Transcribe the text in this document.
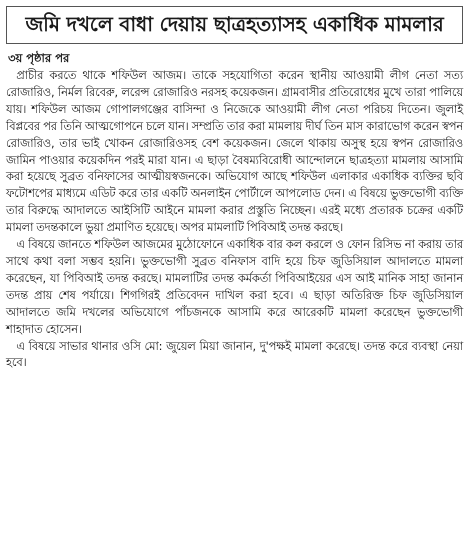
জমি দখলে বাধা দেয়ায় ছাত্রহত্যাসহ একাধিক মামলার
৩য় পৃষ্ঠার পর

প্রাচীর করতে থাকে শফিউল আজম। তাকে সহযোগিতা করেন স্থানীয় আওয়ামী লীগ নেতা সত্য রোজারিও, নির্মল রিবেরু, লরেন্স রোজারিও নরসহ কয়েকজন। গ্রামবাসীর প্রতিরোধের মুখে তারা পালিয়ে যায়। শফিউল আজম গোপালগঞ্জের বাসিন্দা ও নিজেকে আওয়ামী লীগ নেতা পরিচয় দিতেন। জুলাই বিপ্লবের পর তিনি আত্মগোপনে চলে যান। সম্প্রতি তার করা মামলায় দীর্ঘ তিন মাস কারাভোগ করেন স্বপন রোজারিও, তার ভাই খোকন রোজারিওসহ বেশ কয়েকজন। জেলে থাকায় অসুস্থ হয়ে স্বপন রোজারিও জামিন পাওয়ার কয়েকদিন পরই মারা যান। এ ছাড়া বৈষম্যবিরোধী আন্দোলনে ছাত্রহত্যা মামলায় আসামি করা হয়েছে সুব্রত বনিফাসের আত্মীয়স্বজনকে। অভিযোগ আছে শফিউল এলাকার একাধিক ব্যক্তির ছবি ফটোশপের মাধ্যমে এডিট করে তার একটি অনলাইন পোর্টালে আপলোড দেন। এ বিষয়ে ভুক্তভোগী ব্যক্তি তার বিরুদ্ধে আদালতে আইসিটি আইনে মামলা করার প্রস্তুতি নিচ্ছেন। এরই মধ্যে প্রতারক চক্রের একটি মামলা তদন্তকালে ভুয়া প্রমাণিত হয়েছে। অপর মামলাটি পিবিআই তদন্ত করছে।

এ বিষয়ে জানতে শফিউল আজমের মুঠোফোনে একাধিক বার কল করলে ও ফোন রিসিভ না করায় তার সাথে কথা বলা সম্ভব হয়নি। ভুক্তভোগী সুব্রত বনিফাস বাদি হয়ে চিফ জুডিসিয়াল আদালতে মামলা করেছেন, যা পিবিআই তদন্ত করছে। মামলাটির তদন্ত কর্মকর্তা পিবিআইয়ের এস আই মানিক সাহা জানান তদন্ত প্রায় শেষ পর্যায়ে। শিগগিরই প্রতিবেদন দাখিল করা হবে। এ ছাড়া অতিরিক্ত চিফ জুডিসিয়াল আদালতে জমি দখলের অভিযোগে পাঁচজনকে আসামি করে আরেকটি মামলা করেছেন ভুক্তভোগী শাহাদাত হোসেন।

এ বিষয়ে সাভার থানার ওসি মো: জুয়েল মিয়া জানান, দু'পক্ষই মামলা করেছে। তদন্ত করে ব্যবস্থা নেয়া হবে।
